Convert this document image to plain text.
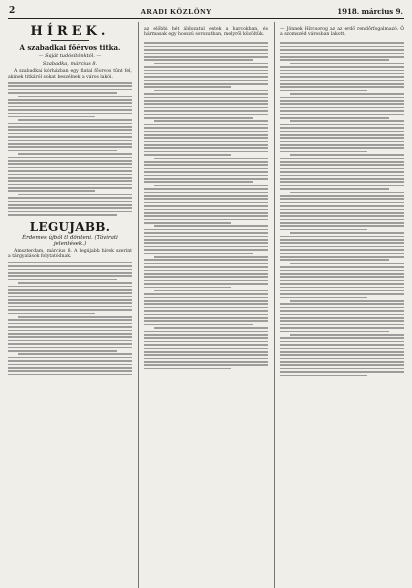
2	ARADI KÖZLÖNY	1918. március 9.
HÍREK.
A szabadkai főérvos titka.
— Saját tudósítónktól. —
Szabadka, március 8.

A szabadkai kórházban egy fiatal főorvos tűnt fel, akinek titkáról sokat beszélnek a város lakói.

LEGUJABB.
Érdemes újból tl dönteni. (Távirati jelentések.)

Amszterdam, március 8. A legújabb hírek szerint a tárgyalások folytatódnak.

az előbbi hét áldozatul estek a harcokban, és hármasak egy hosszú sorozatban, melyről közöltük.

— Jönnek Hírcsorog az az erdő rendőrfogalmazó. Ő a szomszéd városban lakott.
